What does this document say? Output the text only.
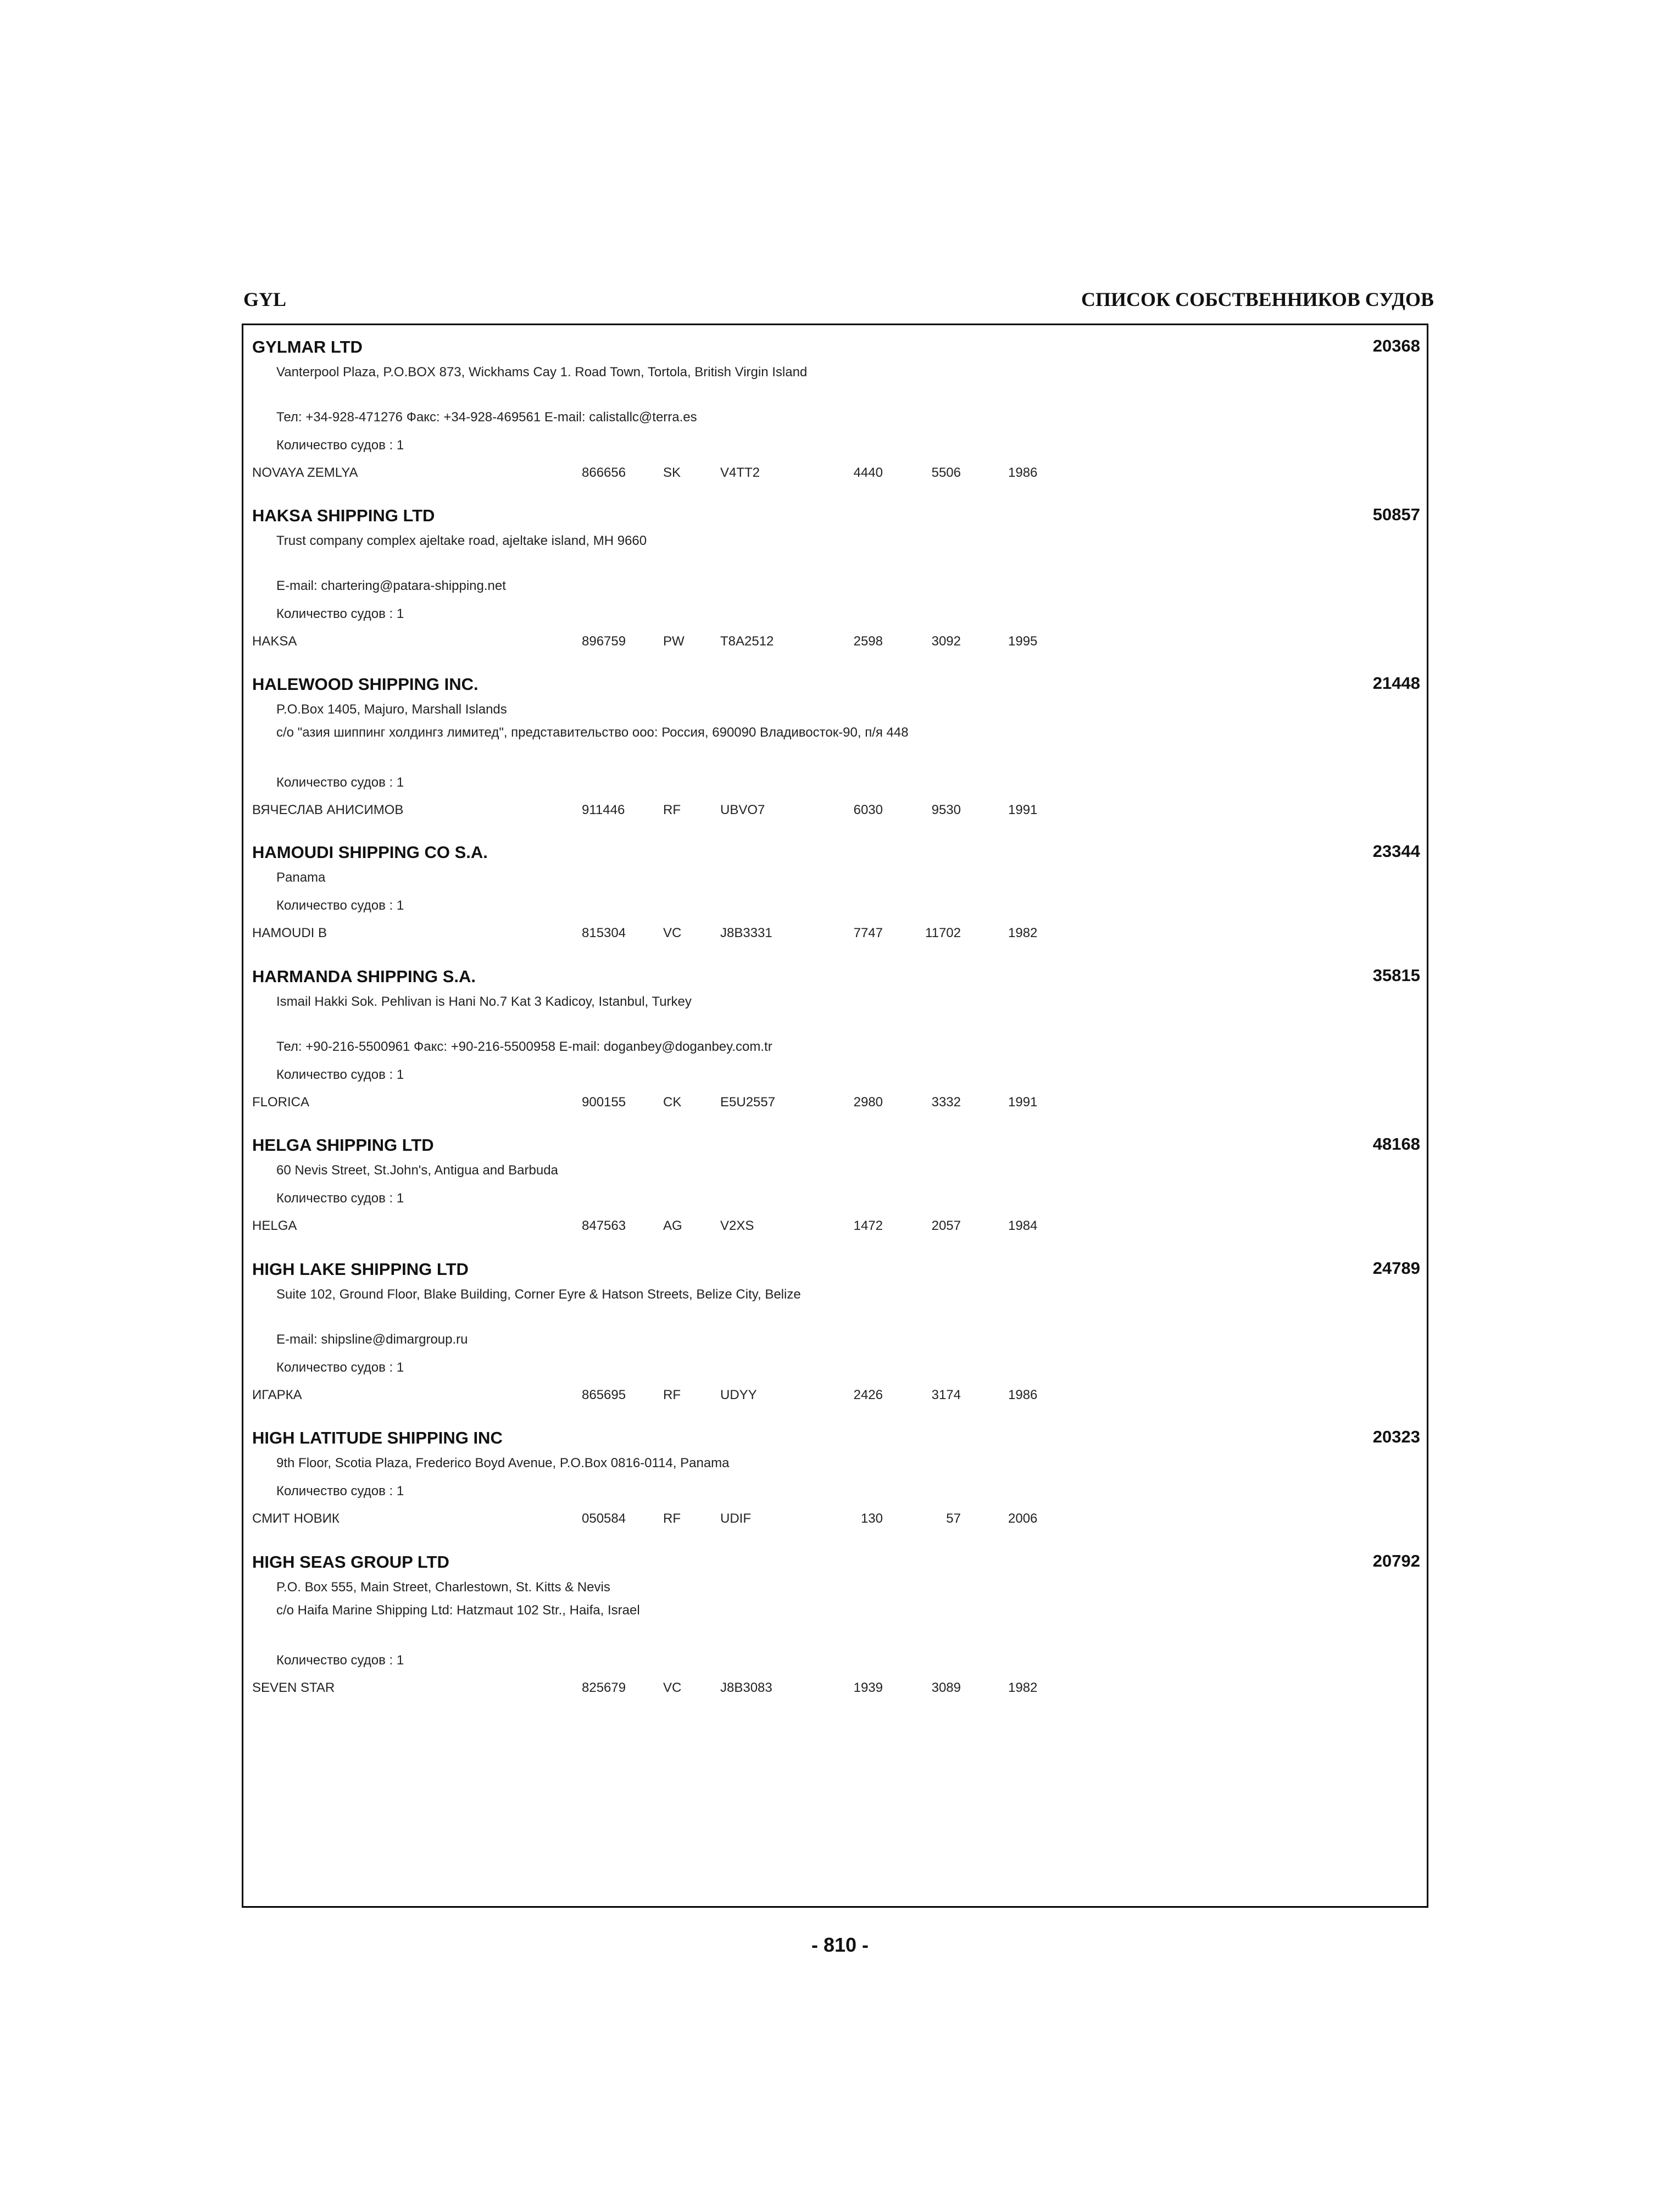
GYL	СПИСОК СОБСТВЕННИКОВ СУДОВ
GYLMAR LTD	20368
Vanterpool Plaza, P.O.BOX 873, Wickhams Cay 1. Road Town, Tortola, British Virgin Island
Тел: +34-928-471276 Факс: +34-928-469561 E-mail: calistallc@terra.es
Количество судов : 1
NOVAYA ZEMLYA	866656	SK	V4TT2	4440	5506	1986
HAKSA SHIPPING LTD	50857
Trust company complex ajeltake road, ajeltake island, MH 9660
E-mail: chartering@patara-shipping.net
Количество судов : 1
HAKSA	896759	PW	T8A2512	2598	3092	1995
HALEWOOD SHIPPING INC.	21448
P.O.Box 1405, Majuro, Marshall Islands
c/o "азия шиппинг холдингз лимитед", представительство ооо: Россия, 690090 Владивосток-90, п/я 448
Количество судов : 1
ВЯЧЕСЛАВ АНИСИМОВ	911446	RF	UBVO7	6030	9530	1991
HAMOUDI SHIPPING CO S.A.	23344
Panama
Количество судов : 1
HAMOUDI B	815304	VC	J8B3331	7747	11702	1982
HARMANDA SHIPPING S.A.	35815
Ismail Hakki Sok. Pehlivan is Hani No.7 Kat 3 Kadicoy, Istanbul, Turkey
Тел: +90-216-5500961 Факс: +90-216-5500958 E-mail: doganbey@doganbey.com.tr
Количество судов : 1
FLORICA	900155	CK	E5U2557	2980	3332	1991
HELGA SHIPPING LTD	48168
60 Nevis Street, St.John's, Antigua and Barbuda
Количество судов : 1
HELGA	847563	AG	V2XS	1472	2057	1984
HIGH LAKE SHIPPING LTD	24789
Suite 102, Ground Floor, Blake Building, Corner Eyre & Hatson Streets, Belize City, Belize
E-mail: shipsline@dimargroup.ru
Количество судов : 1
ИГАРКА	865695	RF	UDYY	2426	3174	1986
HIGH LATITUDE SHIPPING INC	20323
9th Floor, Scotia Plaza, Frederico Boyd Avenue, P.O.Box 0816-0114, Panama
Количество судов : 1
СМИТ НОВИК	050584	RF	UDIF	130	57	2006
HIGH SEAS GROUP LTD	20792
P.O. Box 555, Main Street, Charlestown, St. Kitts & Nevis
c/o Haifa Marine Shipping Ltd: Hatzmaut 102 Str., Haifa, Israel
Количество судов : 1
SEVEN STAR	825679	VC	J8B3083	1939	3089	1982
- 810 -
